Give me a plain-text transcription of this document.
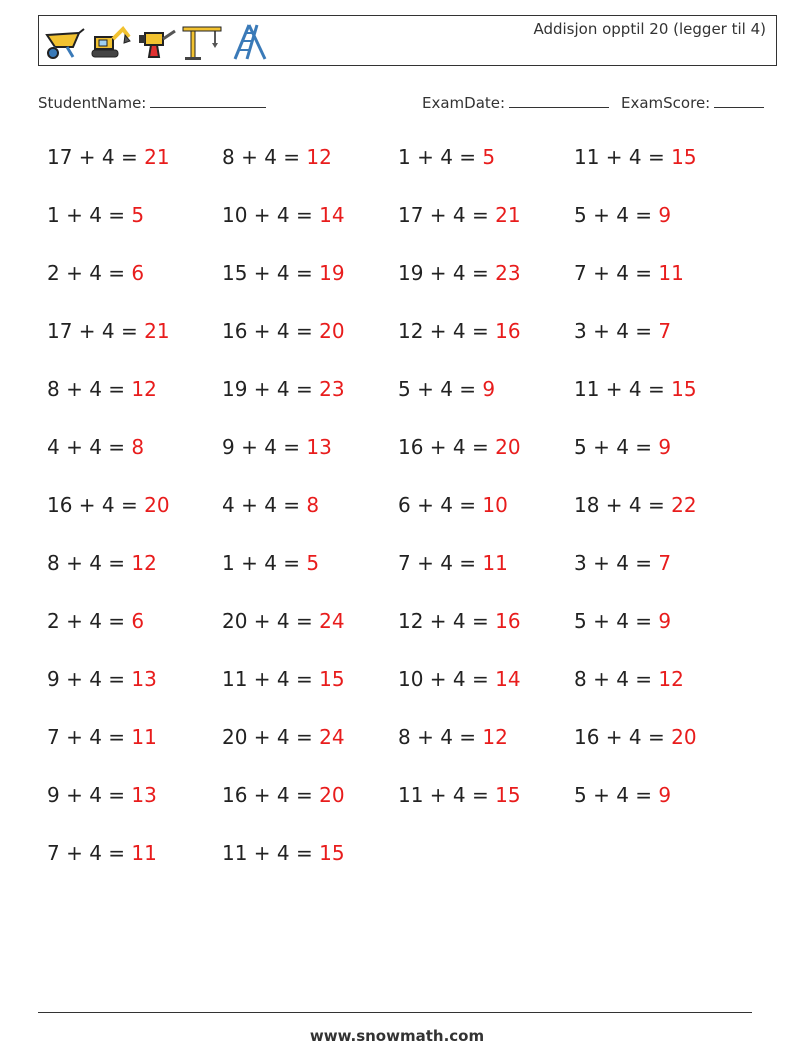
Addisjon opptil 20 (legger til 4)
StudentName:	ExamDate:	ExamScore:
17 + 4 = 21	8 + 4 = 12	1 + 4 = 5	11 + 4 = 15
1 + 4 = 5	10 + 4 = 14	17 + 4 = 21	5 + 4 = 9
2 + 4 = 6	15 + 4 = 19	19 + 4 = 23	7 + 4 = 11
17 + 4 = 21	16 + 4 = 20	12 + 4 = 16	3 + 4 = 7
8 + 4 = 12	19 + 4 = 23	5 + 4 = 9	11 + 4 = 15
4 + 4 = 8	9 + 4 = 13	16 + 4 = 20	5 + 4 = 9
16 + 4 = 20	4 + 4 = 8	6 + 4 = 10	18 + 4 = 22
8 + 4 = 12	1 + 4 = 5	7 + 4 = 11	3 + 4 = 7
2 + 4 = 6	20 + 4 = 24	12 + 4 = 16	5 + 4 = 9
9 + 4 = 13	11 + 4 = 15	10 + 4 = 14	8 + 4 = 12
7 + 4 = 11	20 + 4 = 24	8 + 4 = 12	16 + 4 = 20
9 + 4 = 13	16 + 4 = 20	11 + 4 = 15	5 + 4 = 9
7 + 4 = 11	11 + 4 = 15
www.snowmath.com
